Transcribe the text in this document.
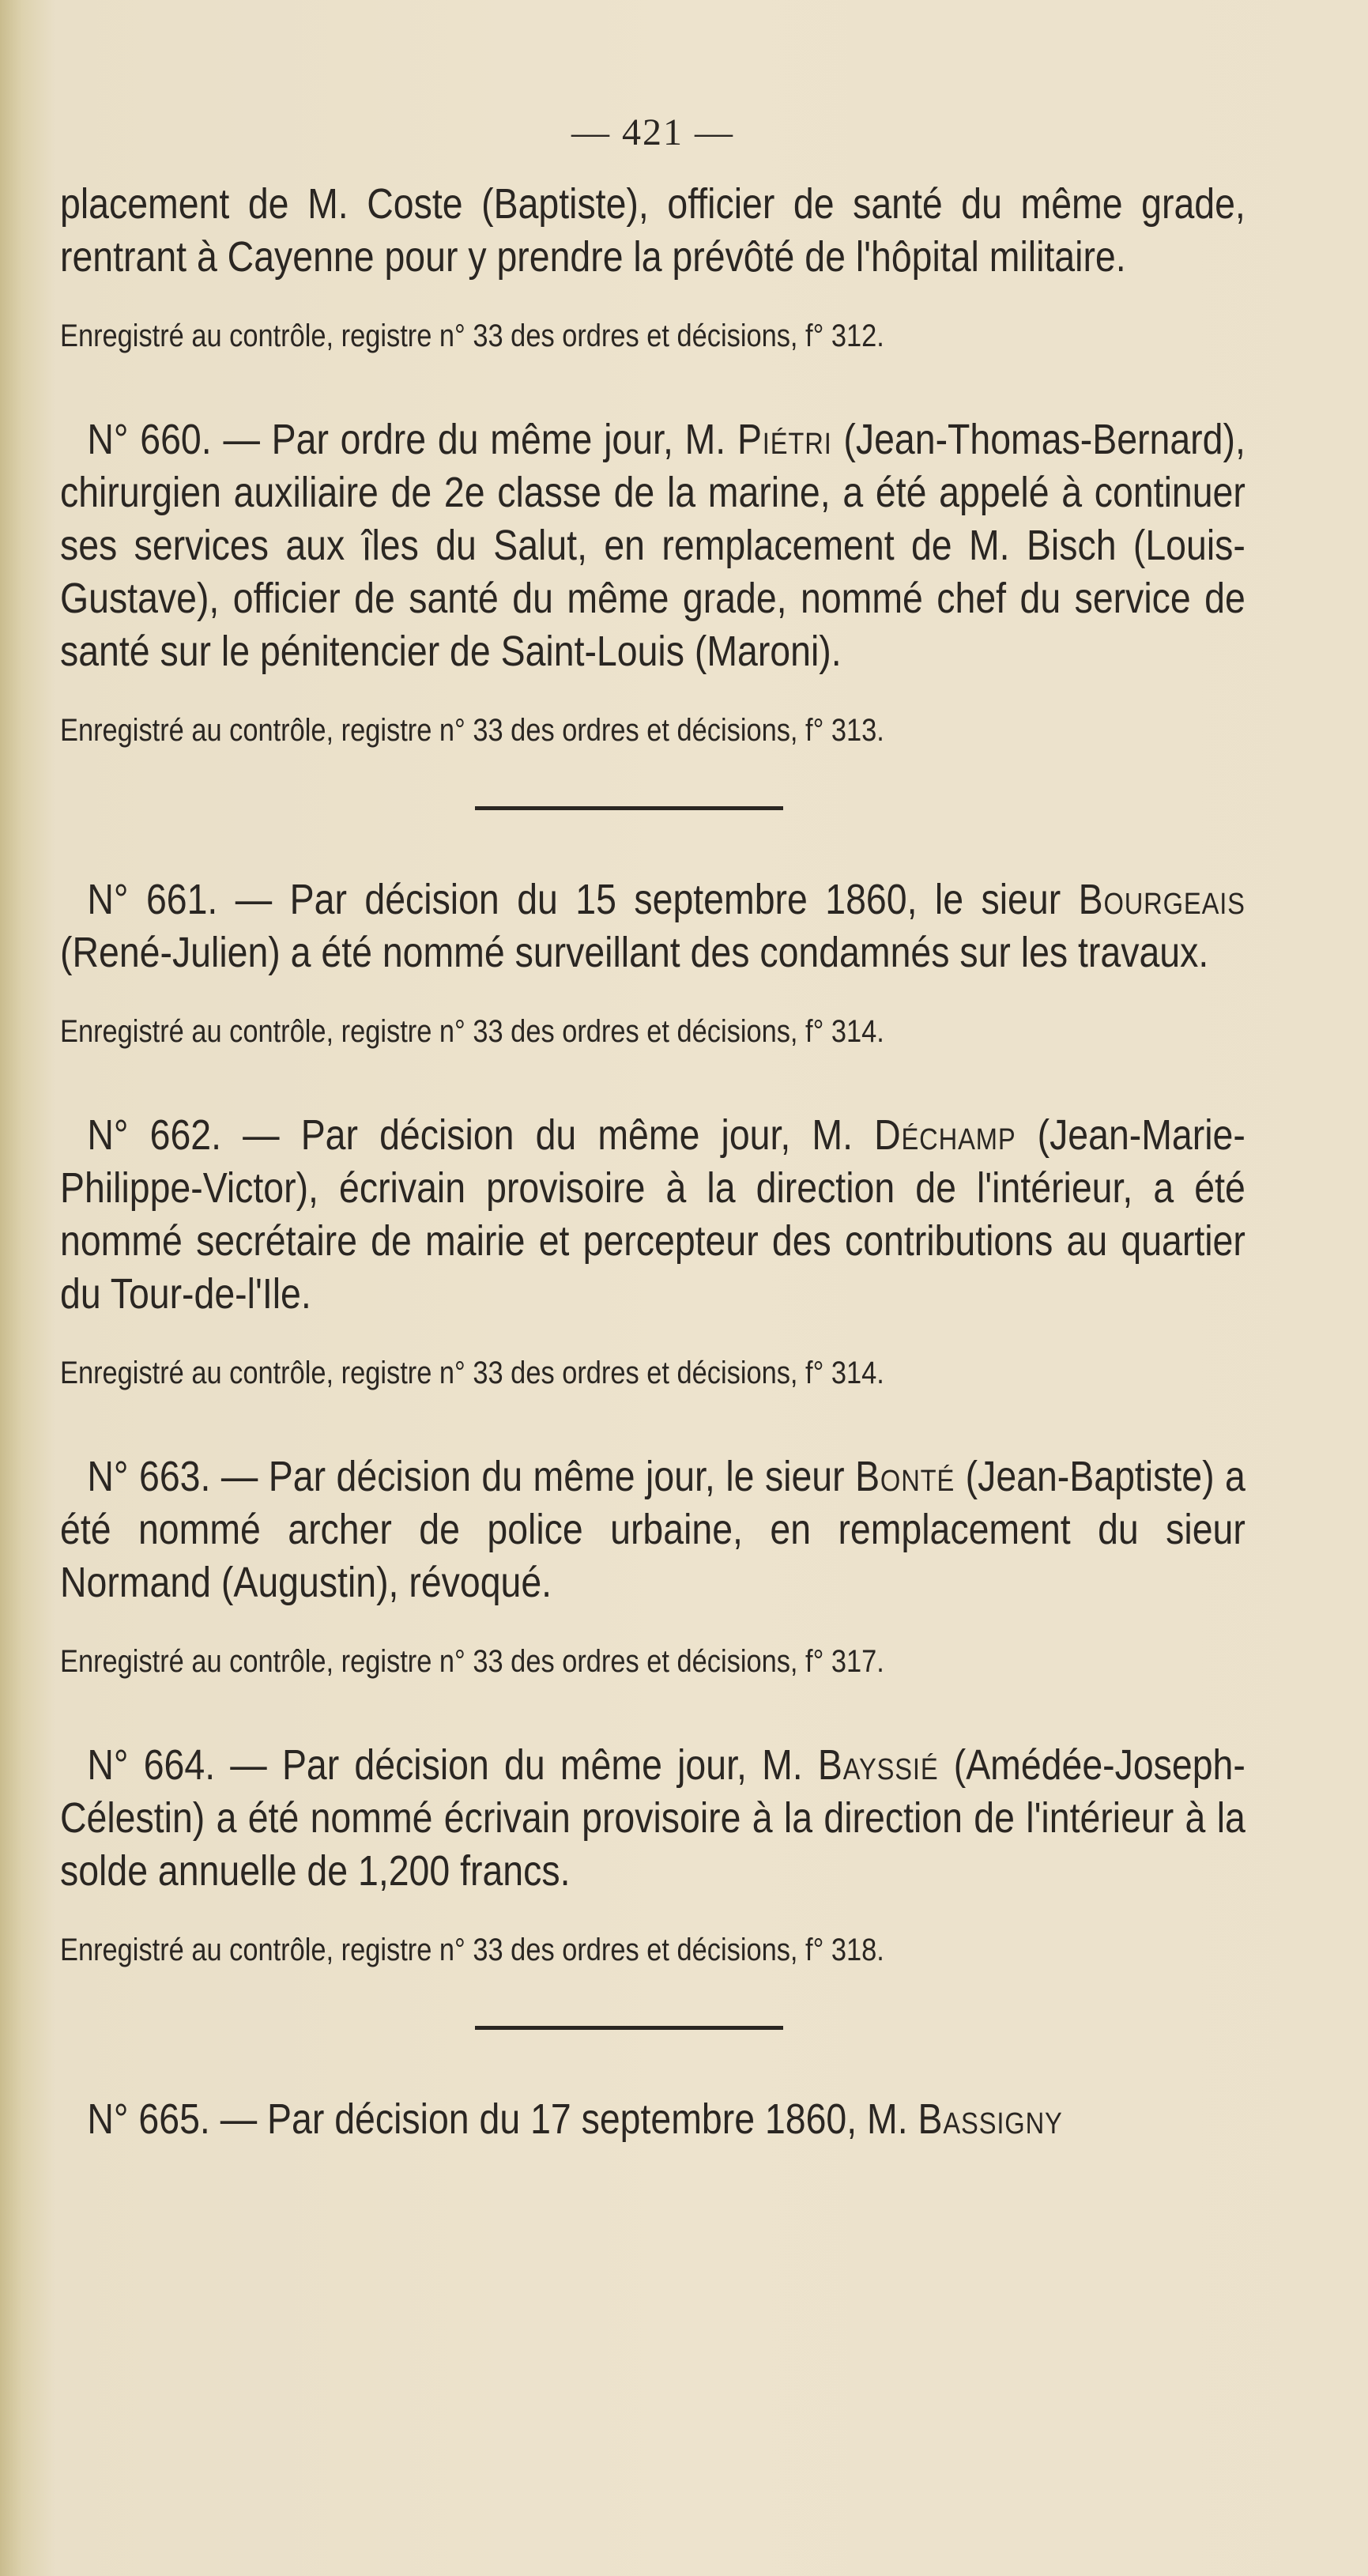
— 421 —

placement de M. Coste (Baptiste), officier de santé du même grade, rentrant à Cayenne pour y prendre la prévôté de l'hôpital militaire.

Enregistré au contrôle, registre n° 33 des ordres et décisions, f° 312.

N° 660. — Par ordre du même jour, M. Piétri (Jean-Thomas-Bernard), chirurgien auxiliaire de 2e classe de la marine, a été appelé à continuer ses services aux îles du Salut, en remplacement de M. Bisch (Louis-Gustave), officier de santé du même grade, nommé chef du service de santé sur le pénitencier de Saint-Louis (Maroni).

Enregistré au contrôle, registre n° 33 des ordres et décisions, f° 313.

N° 661. — Par décision du 15 septembre 1860, le sieur Bourgeais (René-Julien) a été nommé surveillant des condamnés sur les travaux.

Enregistré au contrôle, registre n° 33 des ordres et décisions, f° 314.

N° 662. — Par décision du même jour, M. Déchamp (Jean-Marie-Philippe-Victor), écrivain provisoire à la direction de l'intérieur, a été nommé secrétaire de mairie et percepteur des contributions au quartier du Tour-de-l'Ile.

Enregistré au contrôle, registre n° 33 des ordres et décisions, f° 314.

N° 663. — Par décision du même jour, le sieur Bonté (Jean-Baptiste) a été nommé archer de police urbaine, en remplacement du sieur Normand (Augustin), révoqué.

Enregistré au contrôle, registre n° 33 des ordres et décisions, f° 317.

N° 664. — Par décision du même jour, M. Bayssié (Amédée-Joseph-Célestin) a été nommé écrivain provisoire à la direction de l'intérieur à la solde annuelle de 1,200 francs.

Enregistré au contrôle, registre n° 33 des ordres et décisions, f° 318.

N° 665. — Par décision du 17 septembre 1860, M. Bassigny
